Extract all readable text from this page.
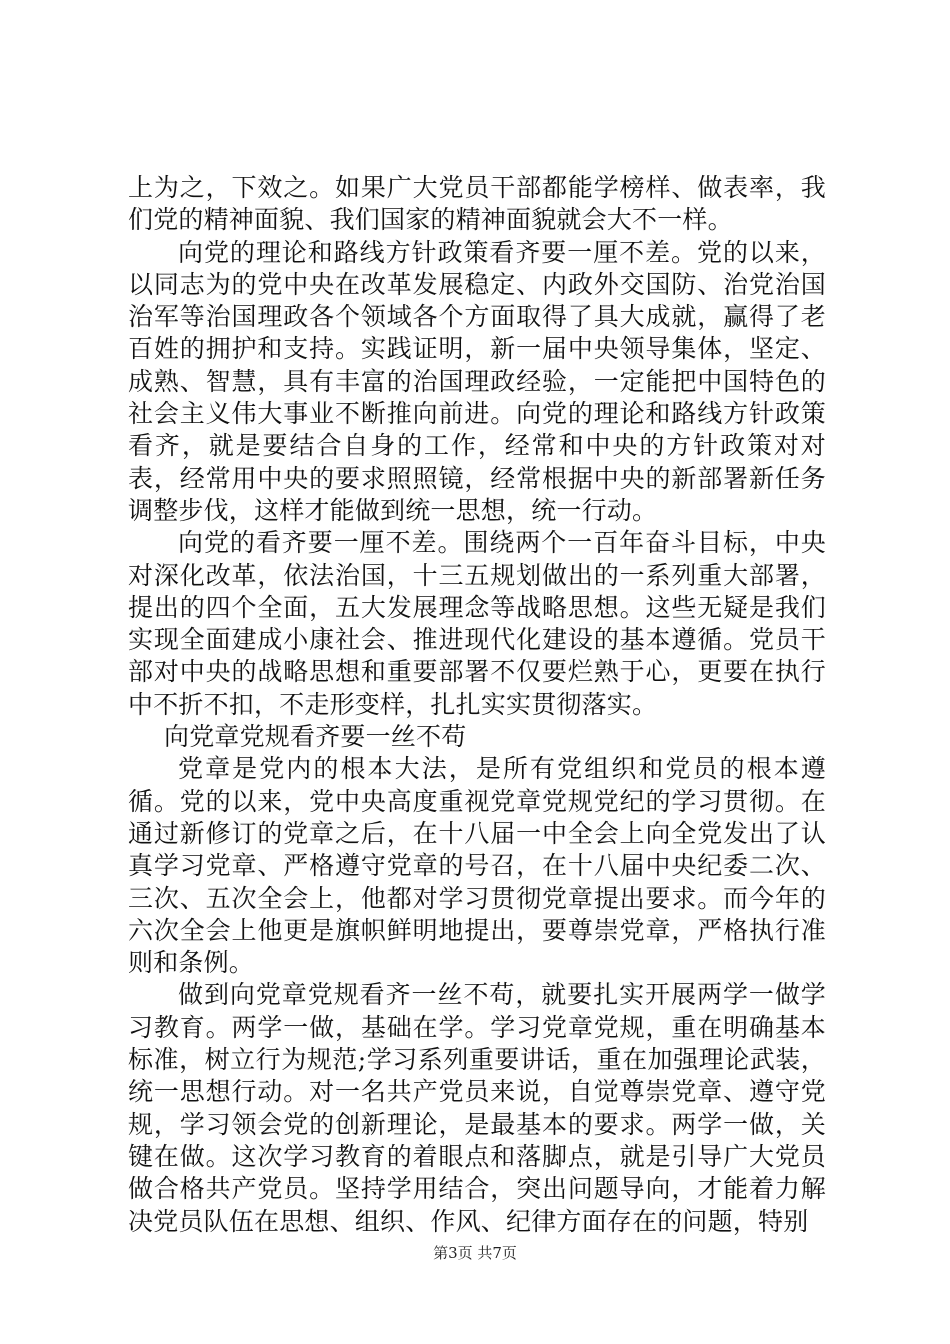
上为之，下效之。如果广大党员干部都能学榜样、做表率，我们党的精神面貌、我们国家的精神面貌就会大不一样。

向党的理论和路线方针政策看齐要一厘不差。党的以来，以同志为的党中央在改革发展稳定、内政外交国防、治党治国治军等治国理政各个领域各个方面取得了具大成就，赢得了老百姓的拥护和支持。实践证明，新一届中央领导集体，坚定、成熟、智慧，具有丰富的治国理政经验，一定能把中国特色的社会主义伟大事业不断推向前进。向党的理论和路线方针政策看齐，就是要结合自身的工作，经常和中央的方针政策对对表，经常用中央的要求照照镜，经常根据中央的新部署新任务调整步伐，这样才能做到统一思想，统一行动。

向党的看齐要一厘不差。围绕两个一百年奋斗目标，中央对深化改革，依法治国，十三五规划做出的一系列重大部署，提出的四个全面，五大发展理念等战略思想。这些无疑是我们实现全面建成小康社会、推进现代化建设的基本遵循。党员干部对中央的战略思想和重要部署不仅要烂熟于心，更要在执行中不折不扣，不走形变样，扎扎实实贯彻落实。

向党章党规看齐要一丝不苟

党章是党内的根本大法，是所有党组织和党员的根本遵循。党的以来，党中央高度重视党章党规党纪的学习贯彻。在通过新修订的党章之后，在十八届一中全会上向全党发出了认真学习党章、严格遵守党章的号召，在十八届中央纪委二次、三次、五次全会上，他都对学习贯彻党章提出要求。而今年的六次全会上他更是旗帜鲜明地提出，要尊崇党章，严格执行准则和条例。

做到向党章党规看齐一丝不苟，就要扎实开展两学一做学习教育。两学一做，基础在学。学习党章党规，重在明确基本标准，树立行为规范;学习系列重要讲话，重在加强理论武装，统一思想行动。对一名共产党员来说，自觉尊崇党章、遵守党规，学习领会党的创新理论，是最基本的要求。两学一做，关键在做。这次学习教育的着眼点和落脚点，就是引导广大党员做合格共产党员。坚持学用结合，突出问题导向，才能着力解决党员队伍在思想、组织、作风、纪律方面存在的问题，特别

第3页 共7页
